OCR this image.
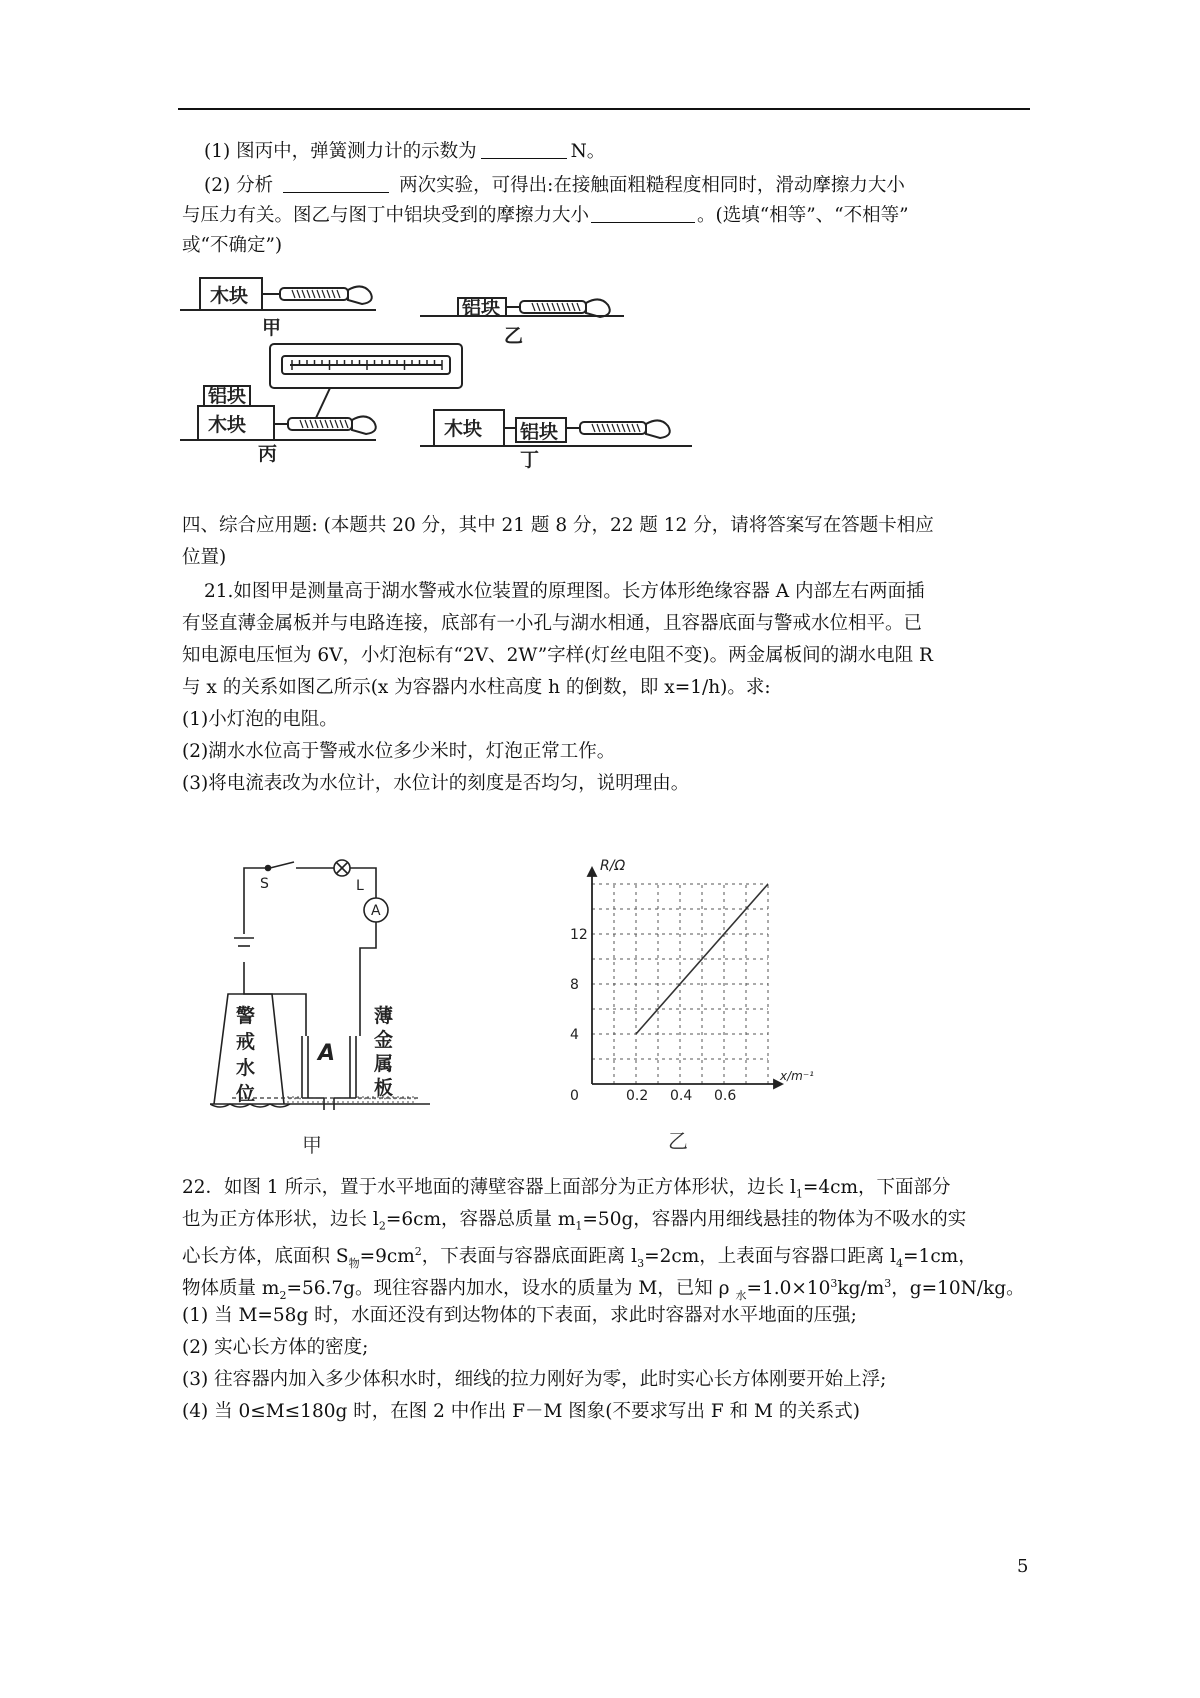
(1) 图丙中，弹簧测力计的示数为	N。
(2) 分析	两次实验，可得出:在接触面粗糙程度相同时，滑动摩擦力大小
与压力有关。图乙与图丁中铝块受到的摩擦力大小	。(选填“相等”、“不相等”
或“不确定”)
木块
甲
铝块
乙
铝块
木块
丙
木块 铝块
丁
四、综合应用题: (本题共 20 分，其中 21 题 8 分，22 题 12 分，请将答案写在答题卡相应
位置)
21.如图甲是测量高于湖水警戒水位装置的原理图。长方体形绝缘容器 A 内部左右两面插
有竖直薄金属板并与电路连接，底部有一小孔与湖水相通，且容器底面与警戒水位相平。已
知电源电压恒为 6V，小灯泡标有“2V、2W”字样(灯丝电阻不变)。两金属板间的湖水电阻 R
与 x 的关系如图乙所示(x 为容器内水柱高度 h 的倒数，即 x=1/h)。求:
(1)小灯泡的电阻。
(2)湖水水位高于警戒水位多少米时，灯泡正常工作。
(3)将电流表改为水位计，水位计的刻度是否均匀，说明理由。
S	L
A
A
薄
金
属
板
警
戒
水
位
甲
0.2 0.4 0.6
4
8
12
R/Ω
x/m⁻¹
0
乙
22．如图 1 所示，置于水平地面的薄壁容器上面部分为正方体形状，边长 $l_1=4cm$，下面部分
也为正方体形状，边长 $l_2=6cm$，容器总质量 $m_1=50g$，容器内用细线悬挂的物体为不吸水的实
心长方体，底面积 $S_物=9cm^2$，下表面与容器底面距离 $l_3=2cm$，上表面与容器口距离 $l_4=1cm$，
物体质量 $m_2=56.7g$。现往容器内加水，设水的质量为 M，已知 ρ $_水=1.0\times 10^3kg/m^3$，g=10N/kg。
(1) 当 M=58g 时，水面还没有到达物体的下表面，求此时容器对水平地面的压强;
(2) 实心长方体的密度;
(3) 往容器内加入多少体积水时，细线的拉力刚好为零，此时实心长方体刚要开始上浮;
(4) 当 0≤M≤180g 时，在图 2 中作出 F－M 图象(不要求写出 F 和 M 的关系式)
5
